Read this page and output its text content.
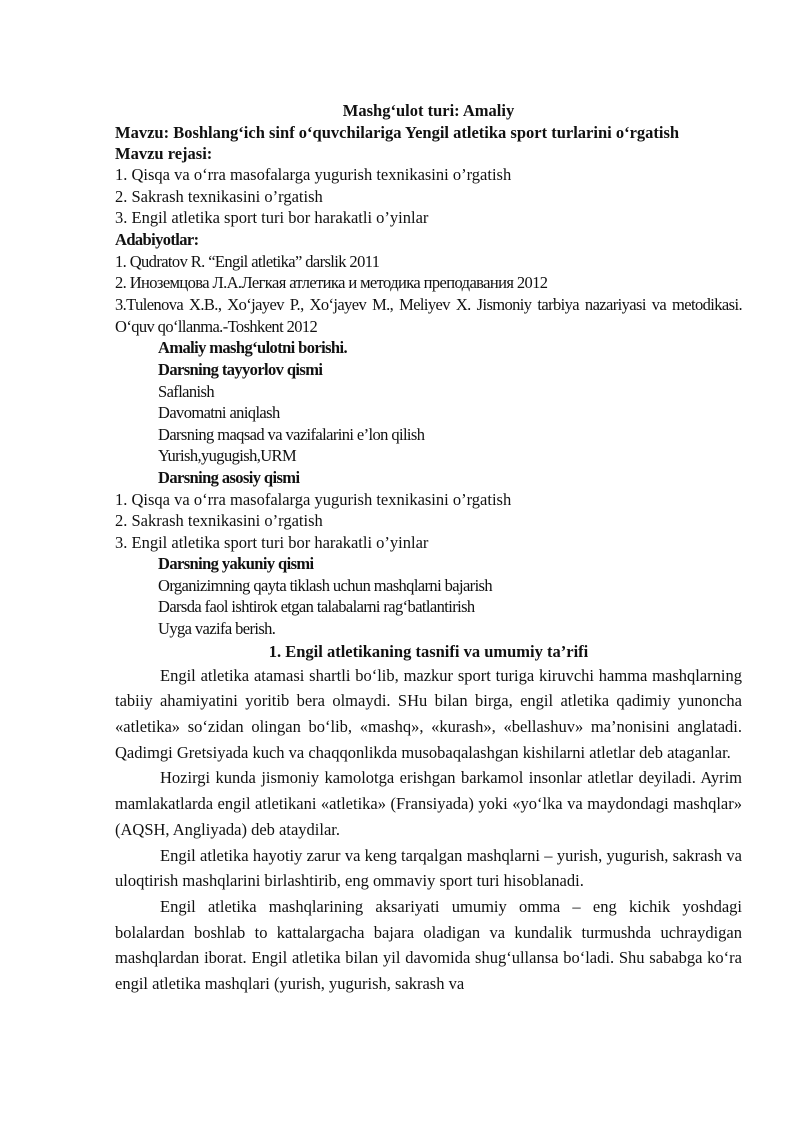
Mashg‘ulot turi: Amaliy

Mavzu: Boshlang‘ich sinf o‘quvchilariga Yengil atletika sport turlarini o‘rgatish

Mavzu rejasi:

1. Qisqa va o‘rra masofalarga yugurish texnikasini o’rgatish

2. Sakrash texnikasini o’rgatish

3. Engil atletika sport turi bor harakatli o’yinlar

Adabiyotlar:

1. Qudratov R. “Engil atletika” darslik 2011

2. Иноземцова Л.А.Легкая атлетика и методика преподавания 2012

3.Tulenova X.B., Xo‘jayev P., Xo‘jayev M., Meliyev X. Jismoniy tarbiya nazariyasi va metodikasi. O‘quv qo‘llanma.-Toshkent 2012

Amaliy mashg‘ulotni borishi.

Darsning tayyorlov qismi

Saflanish

Davomatni aniqlash

Darsning maqsad va vazifalarini e’lon qilish

Yurish,yugugish,URM

Darsning asosiy qismi

1. Qisqa va o‘rra masofalarga yugurish texnikasini o’rgatish

2. Sakrash texnikasini o’rgatish

3. Engil atletika sport turi bor harakatli o’yinlar

Darsning yakuniy qismi

Organizimning qayta tiklash uchun mashqlarni bajarish

Darsda faol ishtirok etgan talabalarni rag‘batlantirish

Uyga vazifa berish.

1. Engil atletikaning tasnifi va umumiy ta’rifi

Engil atletika atamasi shartli bo‘lib, mazkur sport turiga kiruvchi hamma mashqlarning tabiiy ahamiyatini yoritib bera olmaydi. SHu bilan birga, engil atletika qadimiy yunoncha «atletika» so‘zidan olingan bo‘lib, «mashq», «kurash», «bellashuv» ma’nonisini anglatadi. Qadimgi Gretsiyada kuch va chaqqonlikda musobaqalashgan kishilarni atletlar deb ataganlar.

Hozirgi kunda jismoniy kamolotga erishgan barkamol insonlar atletlar deyiladi. Ayrim mamlakatlarda engil atletikani «atletika» (Fransiyada) yoki «yo‘lka va maydondagi mashqlar» (AQSH, Angliyada) deb ataydilar.

Engil atletika hayotiy zarur va keng tarqalgan mashqlarni – yurish, yugurish, sakrash va uloqtirish mashqlarini birlashtirib, eng ommaviy sport turi hisoblanadi.

Engil atletika mashqlarining aksariyati umumiy omma – eng kichik yoshdagi bolalardan boshlab to kattalargacha bajara oladigan va kundalik turmushda uchraydigan mashqlardan iborat. Engil atletika bilan yil davomida shug‘ullansa bo‘ladi. Shu sababga ko‘ra engil atletika mashqlari (yurish, yugurish, sakrash va
